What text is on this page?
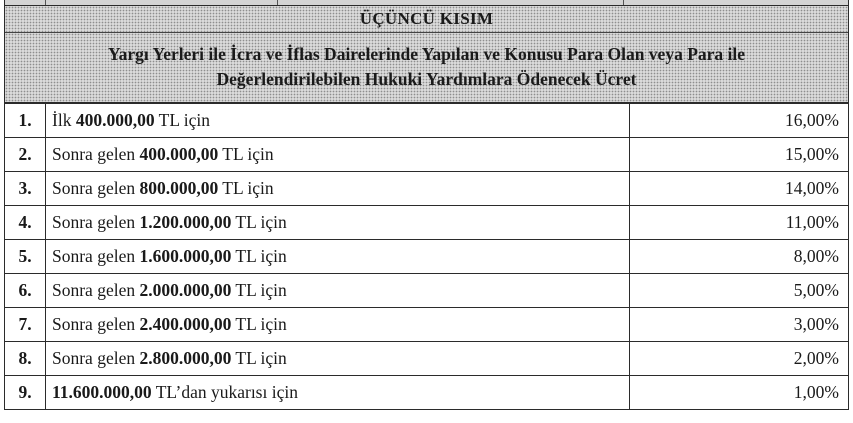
ÜÇÜNCÜ KISIM
Yargı Yerleri ile İcra ve İflas Dairelerinde Yapılan ve Konusu Para Olan veya Para ile
Değerlendirilebilen Hukuki Yardımlara Ödenecek Ücret
1.	İlk 400.000,00 TL için	16,00%
2.	Sonra gelen 400.000,00 TL için	15,00%
3.	Sonra gelen 800.000,00 TL için	14,00%
4.	Sonra gelen 1.200.000,00 TL için	11,00%
5.	Sonra gelen 1.600.000,00 TL için	8,00%
6.	Sonra gelen 2.000.000,00 TL için	5,00%
7.	Sonra gelen 2.400.000,00 TL için	3,00%
8.	Sonra gelen 2.800.000,00 TL için	2,00%
9.	11.600.000,00 TL’dan yukarısı için	1,00%
